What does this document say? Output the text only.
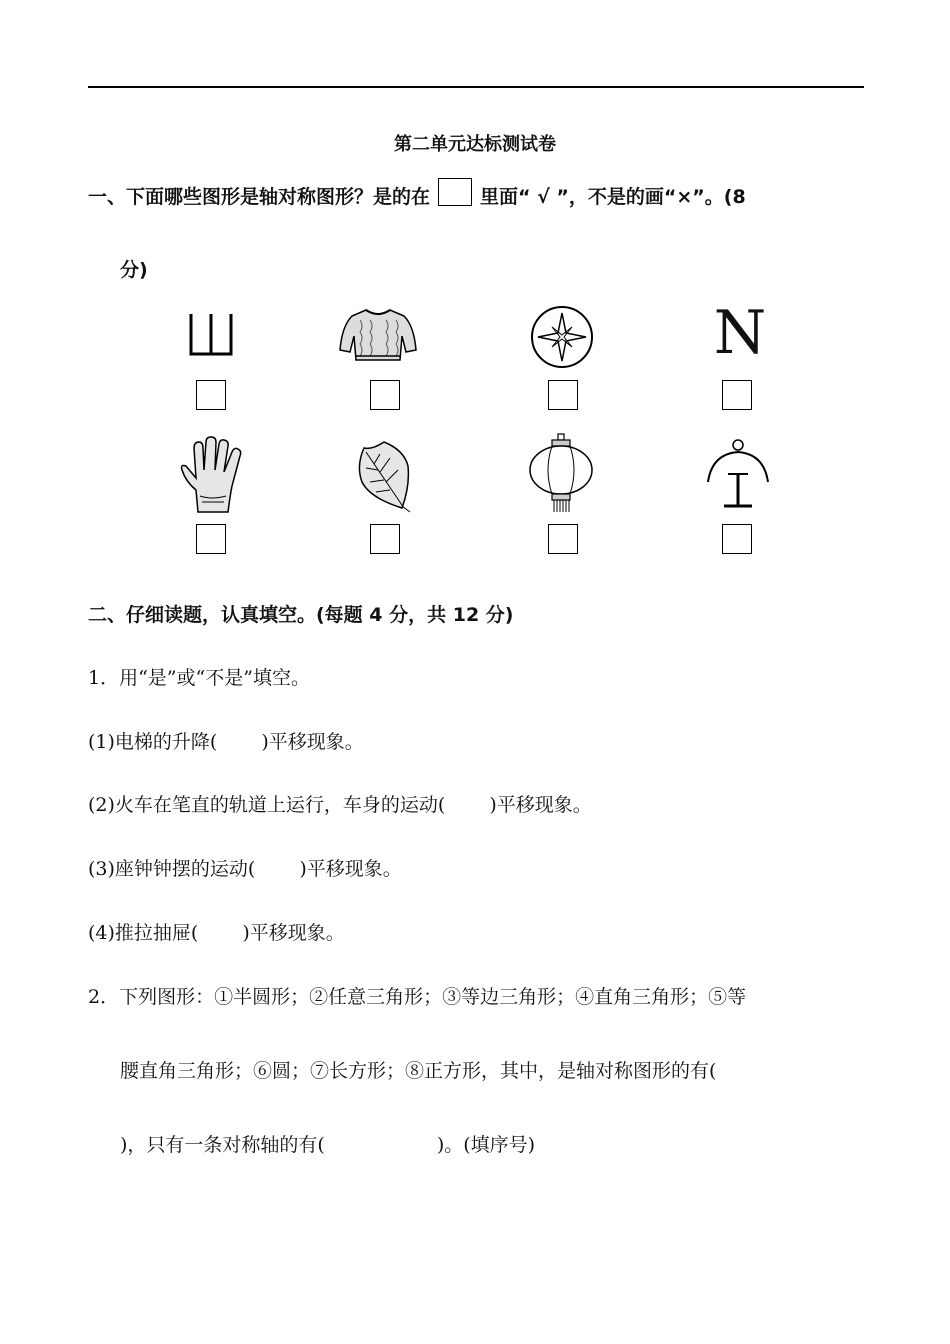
第二单元达标测试卷
一、下面哪些图形是轴对称图形？是的在	里面“ √ ”，不是的画“×”。(8
分)
N
二、仔细读题，认真填空。(每题 4 分，共 12 分)
1．用“是”或“不是”填空。
(1)电梯的升降( )平移现象。
(2)火车在笔直的轨道上运行，车身的运动( )平移现象。
(3)座钟钟摆的运动( )平移现象。
(4)推拉抽屉( )平移现象。
2．下列图形：①半圆形；②任意三角形；③等边三角形；④直角三角形；⑤等
腰直角三角形；⑥圆；⑦长方形；⑧正方形，其中，是轴对称图形的有(
)，只有一条对称轴的有(	)。(填序号)
